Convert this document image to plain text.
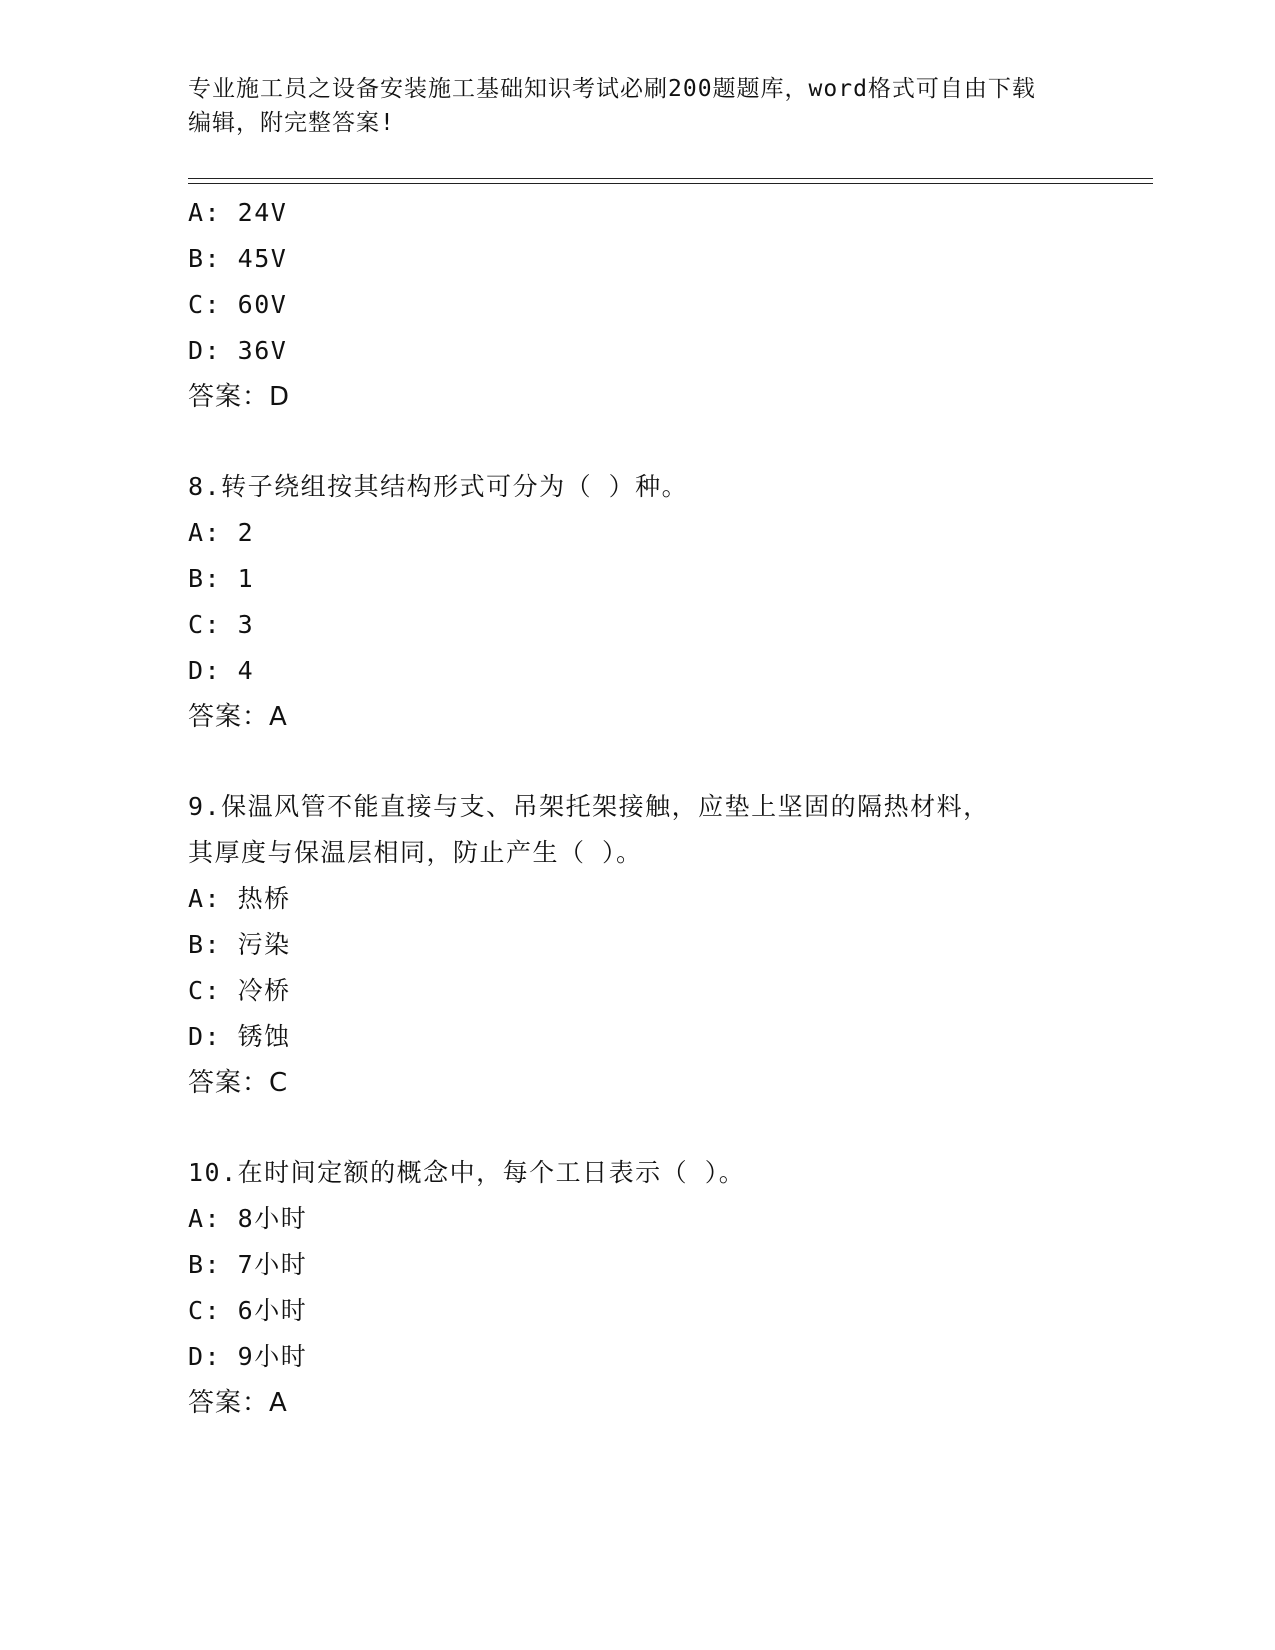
专业施工员之设备安装施工基础知识考试必刷200题题库，word格式可自由下载
编辑，附完整答案!
A: 24V
B: 45V
C: 60V
D: 36V
答案：D
8.转子绕组按其结构形式可分为（ ）种。
A: 2
B: 1
C: 3
D: 4
答案：A
9.保温风管不能直接与支、吊架托架接触，应垫上坚固的隔热材料，
其厚度与保温层相同，防止产生（ ）。
A: 热桥
B: 污染
C: 冷桥
D: 锈蚀
答案：C
10.在时间定额的概念中，每个工日表示（ ）。
A: 8小时
B: 7小时
C: 6小时
D: 9小时
答案：A
